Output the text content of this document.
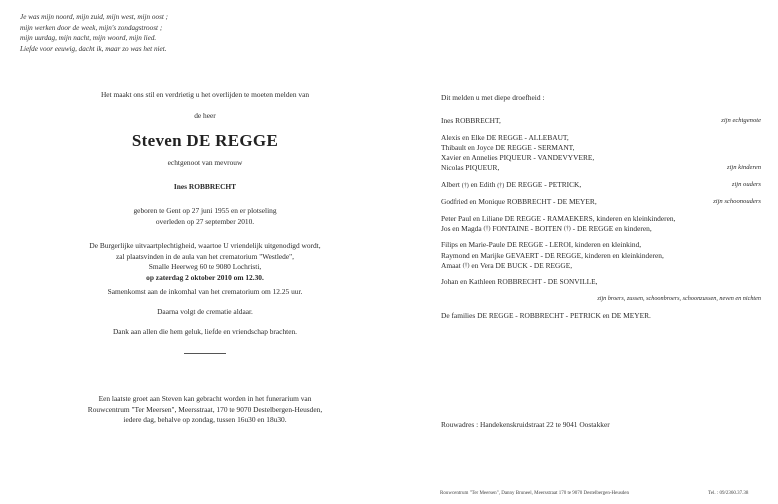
Je was mijn noord, mijn zuid, mijn west, mijn oost ;
mijn werken door de week, mijn's zondagstroost ;
mijn uurdag, mijn nacht, mijn woord, mijn lied.
Liefde voor eeuwig, dacht ik, maar zo was het niet.
Het maakt ons stil en verdrietig u het overlijden te moeten melden van
de heer
Steven DE REGGE
echtgenoot van mevrouw
Ines ROBBRECHT
geboren te Gent op 27 juni 1955 en er plotseling
overleden op 27 september 2010.

De Burgerlijke uitvaartplechtigheid, waartoe U vriendelijk uitgenodigd wordt,

zal plaatsvinden in de aula van het crematorium "Westlede",

Smalle Heerweg 60 te 9080 Lochristi,

op zaterdag 2 oktober 2010 om 12.30.

Samenkomst aan de inkomhal van het crematorium om 12.25 uur.
Daarna volgt de crematie aldaar.
Dank aan allen die hem geluk, liefde en vriendschap brachten.

Een laatste groet aan Steven kan gebracht worden in het funerarium van

Rouwcentrum "Ter Meersen", Meersstraat, 170 te 9070 Destelbergen-Heusden,

iedere dag, behalve op zondag, tussen 16u30 en 18u30.

Dit melden u met diepe droefheid :
Ines ROBBRECHT,	zijn echtgenote
Alexis en Elke DE REGGE - ALLEBAUT,
Thibault en Joyce DE REGGE - SERMANT,
Xavier en Annelies PIQUEUR - VANDEVYVERE,
Nicolas PIQUEUR,	zijn kinderen
Albert (†) en Edith (†) DE REGGE - PETRICK,	zijn ouders
Godfried en Monique ROBBRECHT - DE MEYER,	zijn schoonouders
Peter Paul en Liliane DE REGGE - RAMAEKERS, kinderen en kleinkinderen,
Jos en Magda (†) FONTAINE - BOITEN (†) - DE REGGE en kinderen,
Filips en Marie-Paule DE REGGE - LEROI, kinderen en kleinkind,
Raymond en Marijke GEVAERT - DE REGGE, kinderen en kleinkinderen,
Amaat (†) en Vera DE BUCK - DE REGGE,
Johan en Kathleen ROBBRECHT - DE SONVILLE,
zijn broers, zussen, schoonbroers, schoonzussen, neven en nichten
De families DE REGGE - ROBBRECHT - PETRICK en DE MEYER.
Rouwadres : Handekenskruidstraat 22 te 9041 Oostakker
Rouwcentrum "Ter Meersen", Danny Bruneel, Meersstraat 170 te 9070 Destelbergen-Heusden	Tel. : 09/2360.37.38
